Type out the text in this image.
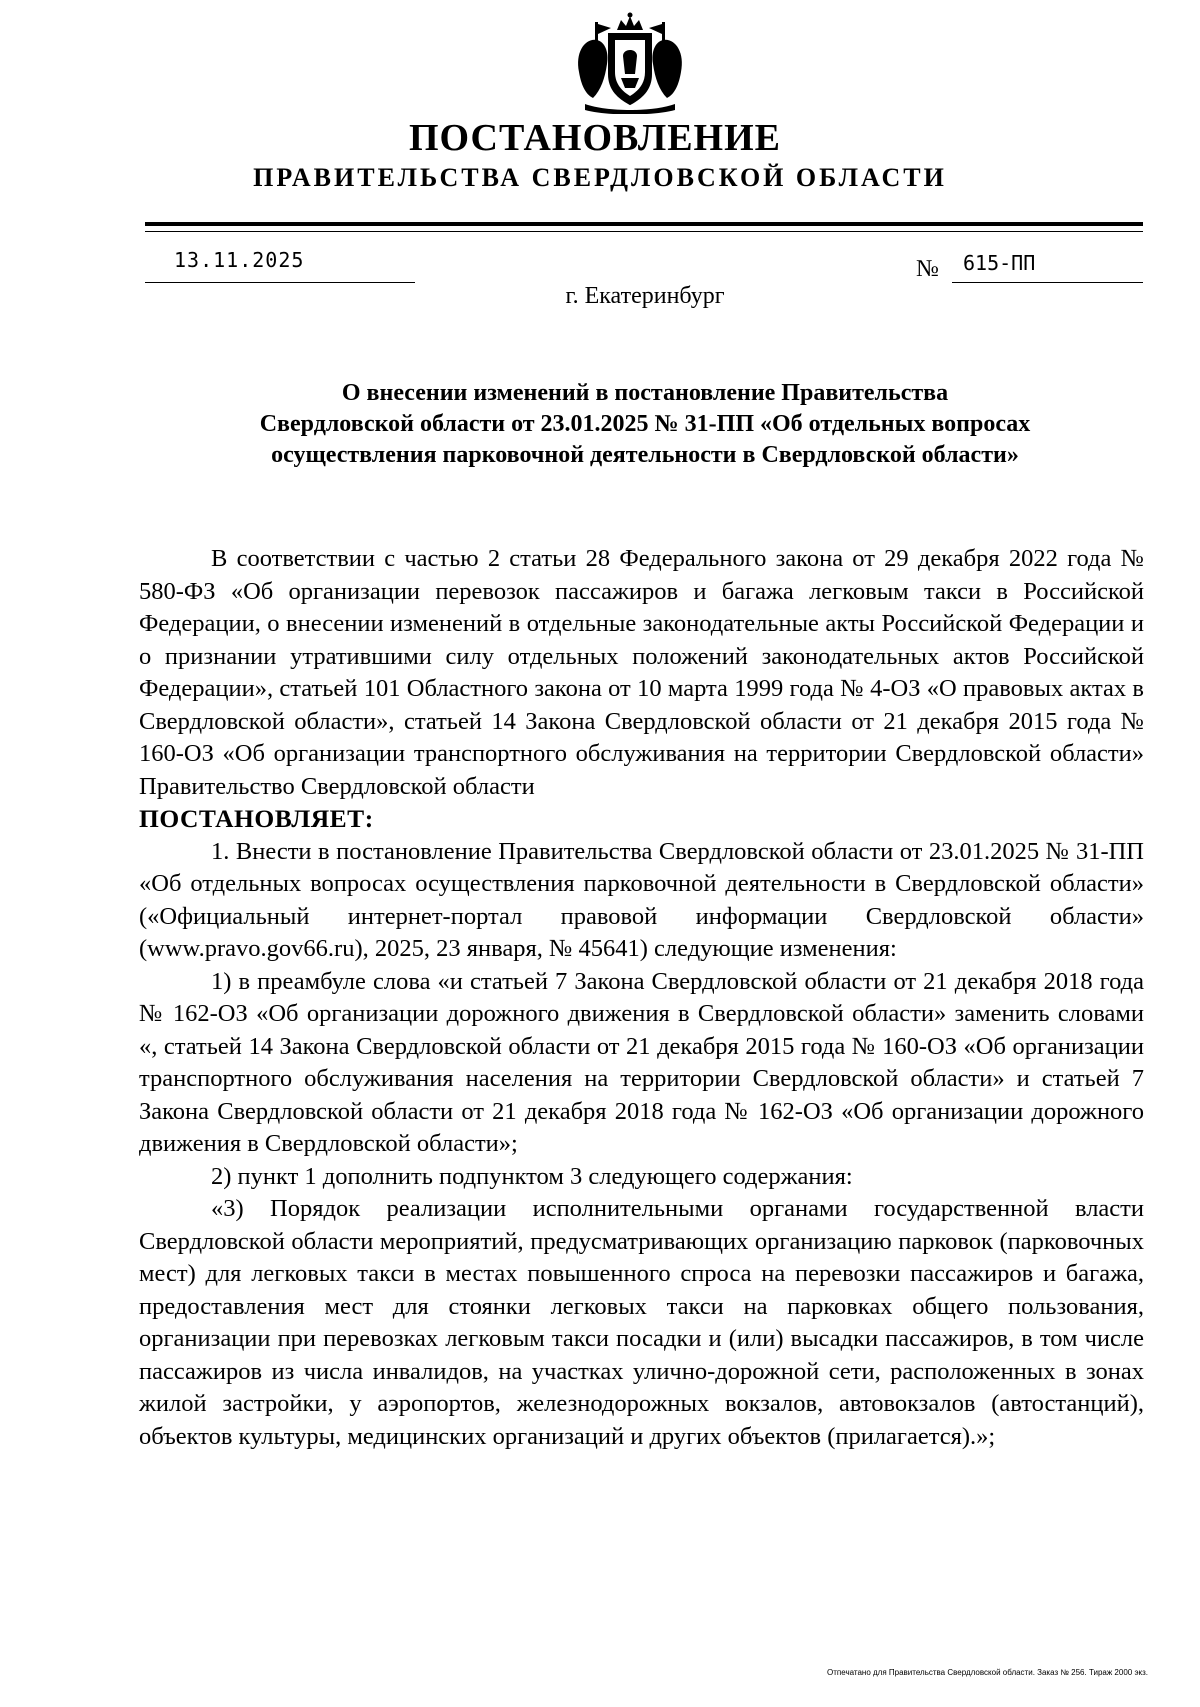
ПОСТАНОВЛЕНИЕ
ПРАВИТЕЛЬСТВА СВЕРДЛОВСКОЙ ОБЛАСТИ
13.11.2025	№ 615-ПП
г. Екатеринбург
О внесении изменений в постановление Правительства
Свердловской области от 23.01.2025 № 31-ПП «Об отдельных вопросах
осуществления парковочной деятельности в Свердловской области»

В соответствии с частью 2 статьи 28 Федерального закона от 29 декабря 2022 года № 580-ФЗ «Об организации перевозок пассажиров и багажа легковым такси в Российской Федерации, о внесении изменений в отдельные законодательные акты Российской Федерации и о признании утратившими силу отдельных положений законодательных актов Российской Федерации», статьей 101 Областного закона от 10 марта 1999 года № 4-ОЗ «О правовых актах в Свердловской области», статьей 14 Закона Свердловской области от 21 декабря 2015 года № 160-ОЗ «Об организации транспортного обслуживания на территории Свердловской области» Правительство Свердловской области

ПОСТАНОВЛЯЕТ:

1. Внести в постановление Правительства Свердловской области от 23.01.2025 № 31-ПП «Об отдельных вопросах осуществления парковочной деятельности в Свердловской области» («Официальный интернет-портал правовой информации Свердловской области» (www.pravo.gov66.ru), 2025, 23 января, № 45641) следующие изменения:

1) в преамбуле слова «и статьей 7 Закона Свердловской области от 21 декабря 2018 года № 162-ОЗ «Об организации дорожного движения в Свердловской области» заменить словами «, статьей 14 Закона Свердловской области от 21 декабря 2015 года № 160-ОЗ «Об организации транспортного обслуживания населения на территории Свердловской области» и статьей 7 Закона Свердловской области от 21 декабря 2018 года № 162-ОЗ «Об организации дорожного движения в Свердловской области»;

2) пункт 1 дополнить подпунктом 3 следующего содержания:

«3) Порядок реализации исполнительными органами государственной власти Свердловской области мероприятий, предусматривающих организацию парковок (парковочных мест) для легковых такси в местах повышенного спроса на перевозки пассажиров и багажа, предоставления мест для стоянки легковых такси на парковках общего пользования, организации при перевозках легковым такси посадки и (или) высадки пассажиров, в том числе пассажиров из числа инвалидов, на участках улично-дорожной сети, расположенных в зонах жилой застройки, у аэропортов, железнодорожных вокзалов, автовокзалов (автостанций), объектов культуры, медицинских организаций и других объектов (прилагается).»;

Отпечатано для Правительства Свердловской области. Заказ № 256. Тираж 2000 экз.
